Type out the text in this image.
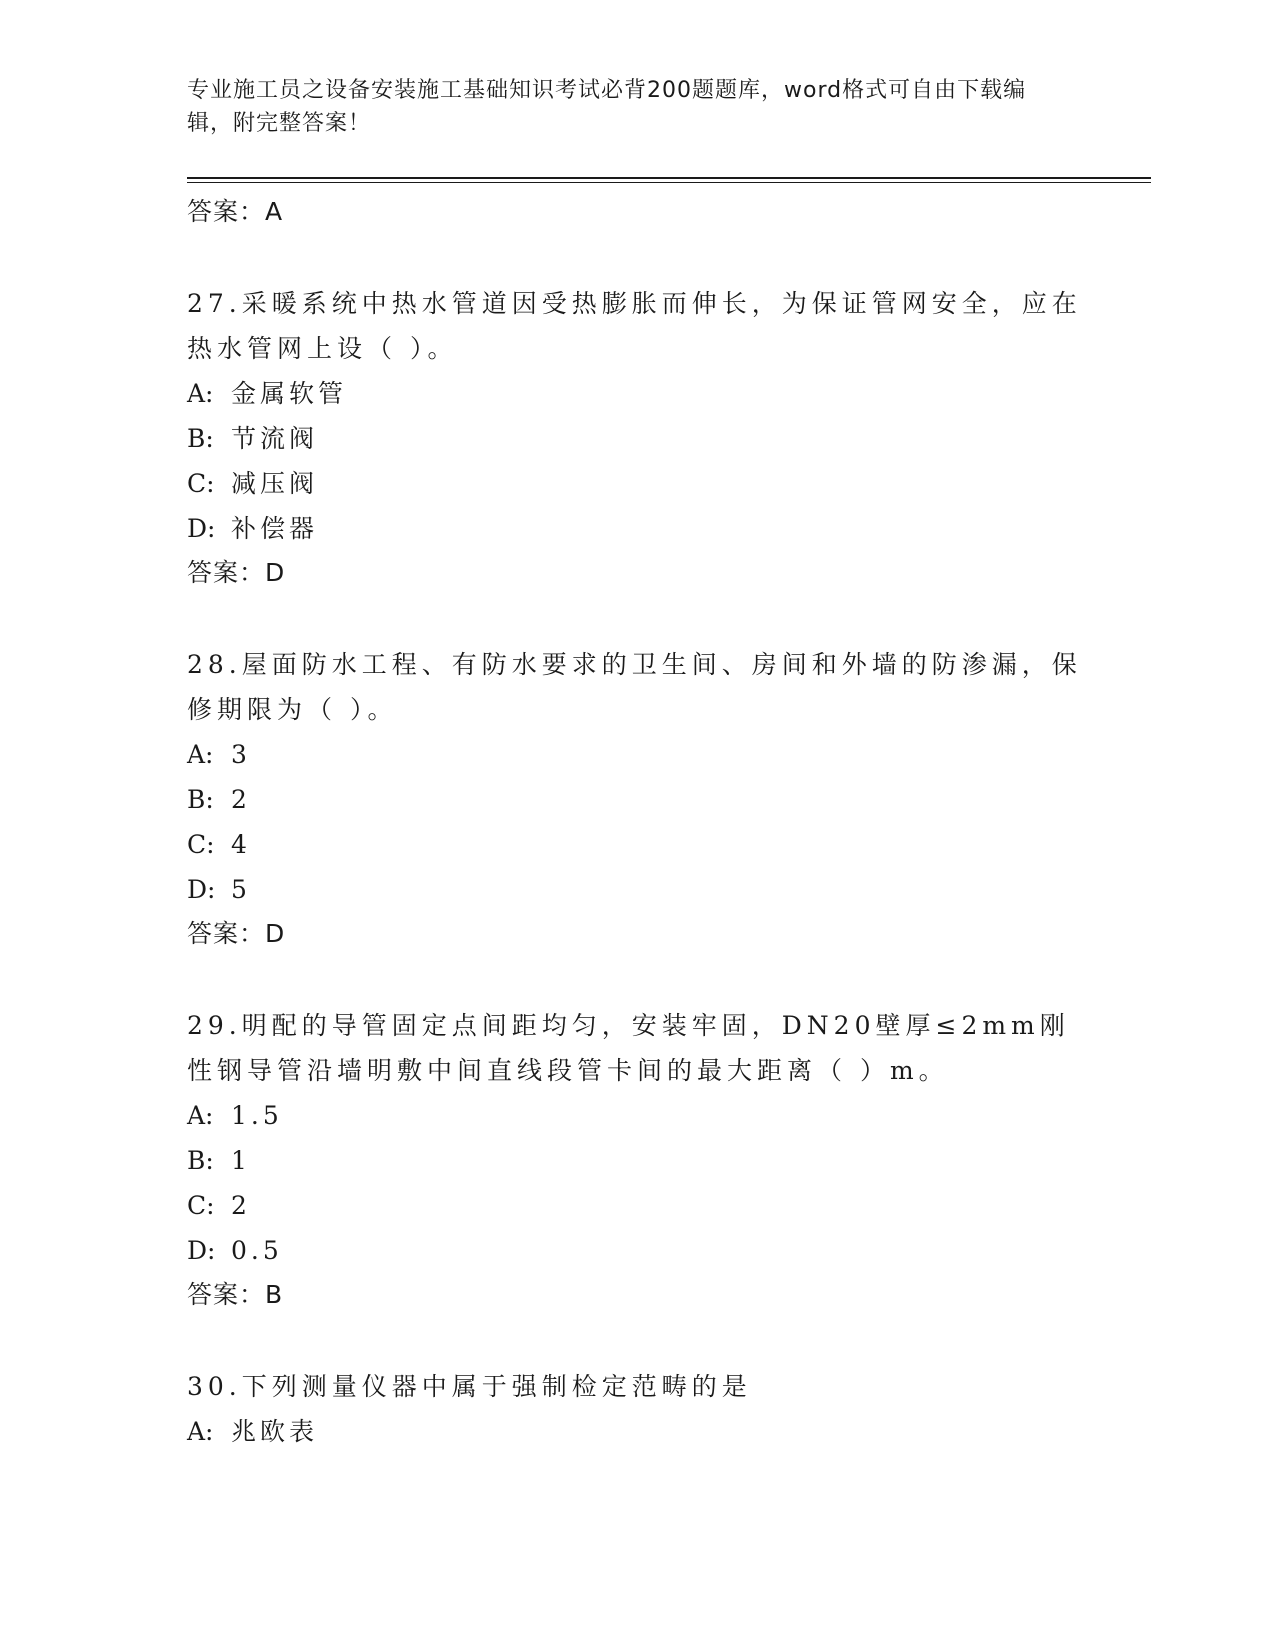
专业施工员之设备安装施工基础知识考试必背200题题库，word格式可自由下载编辑，附完整答案！
答案：A
27.采暖系统中热水管道因受热膨胀而伸长，为保证管网安全，应在热水管网上设（ ）。
A: 金属软管
B: 节流阀
C: 减压阀
D: 补偿器
答案：D
28.屋面防水工程、有防水要求的卫生间、房间和外墙的防渗漏，保修期限为（ ）。
A: 3
B: 2
C: 4
D: 5
答案：D
29.明配的导管固定点间距均匀，安装牢固，DN20壁厚≤2mm刚性钢导管沿墙明敷中间直线段管卡间的最大距离（ ）m。
A: 1.5
B: 1
C: 2
D: 0.5
答案：B
30.下列测量仪器中属于强制检定范畴的是
A: 兆欧表
